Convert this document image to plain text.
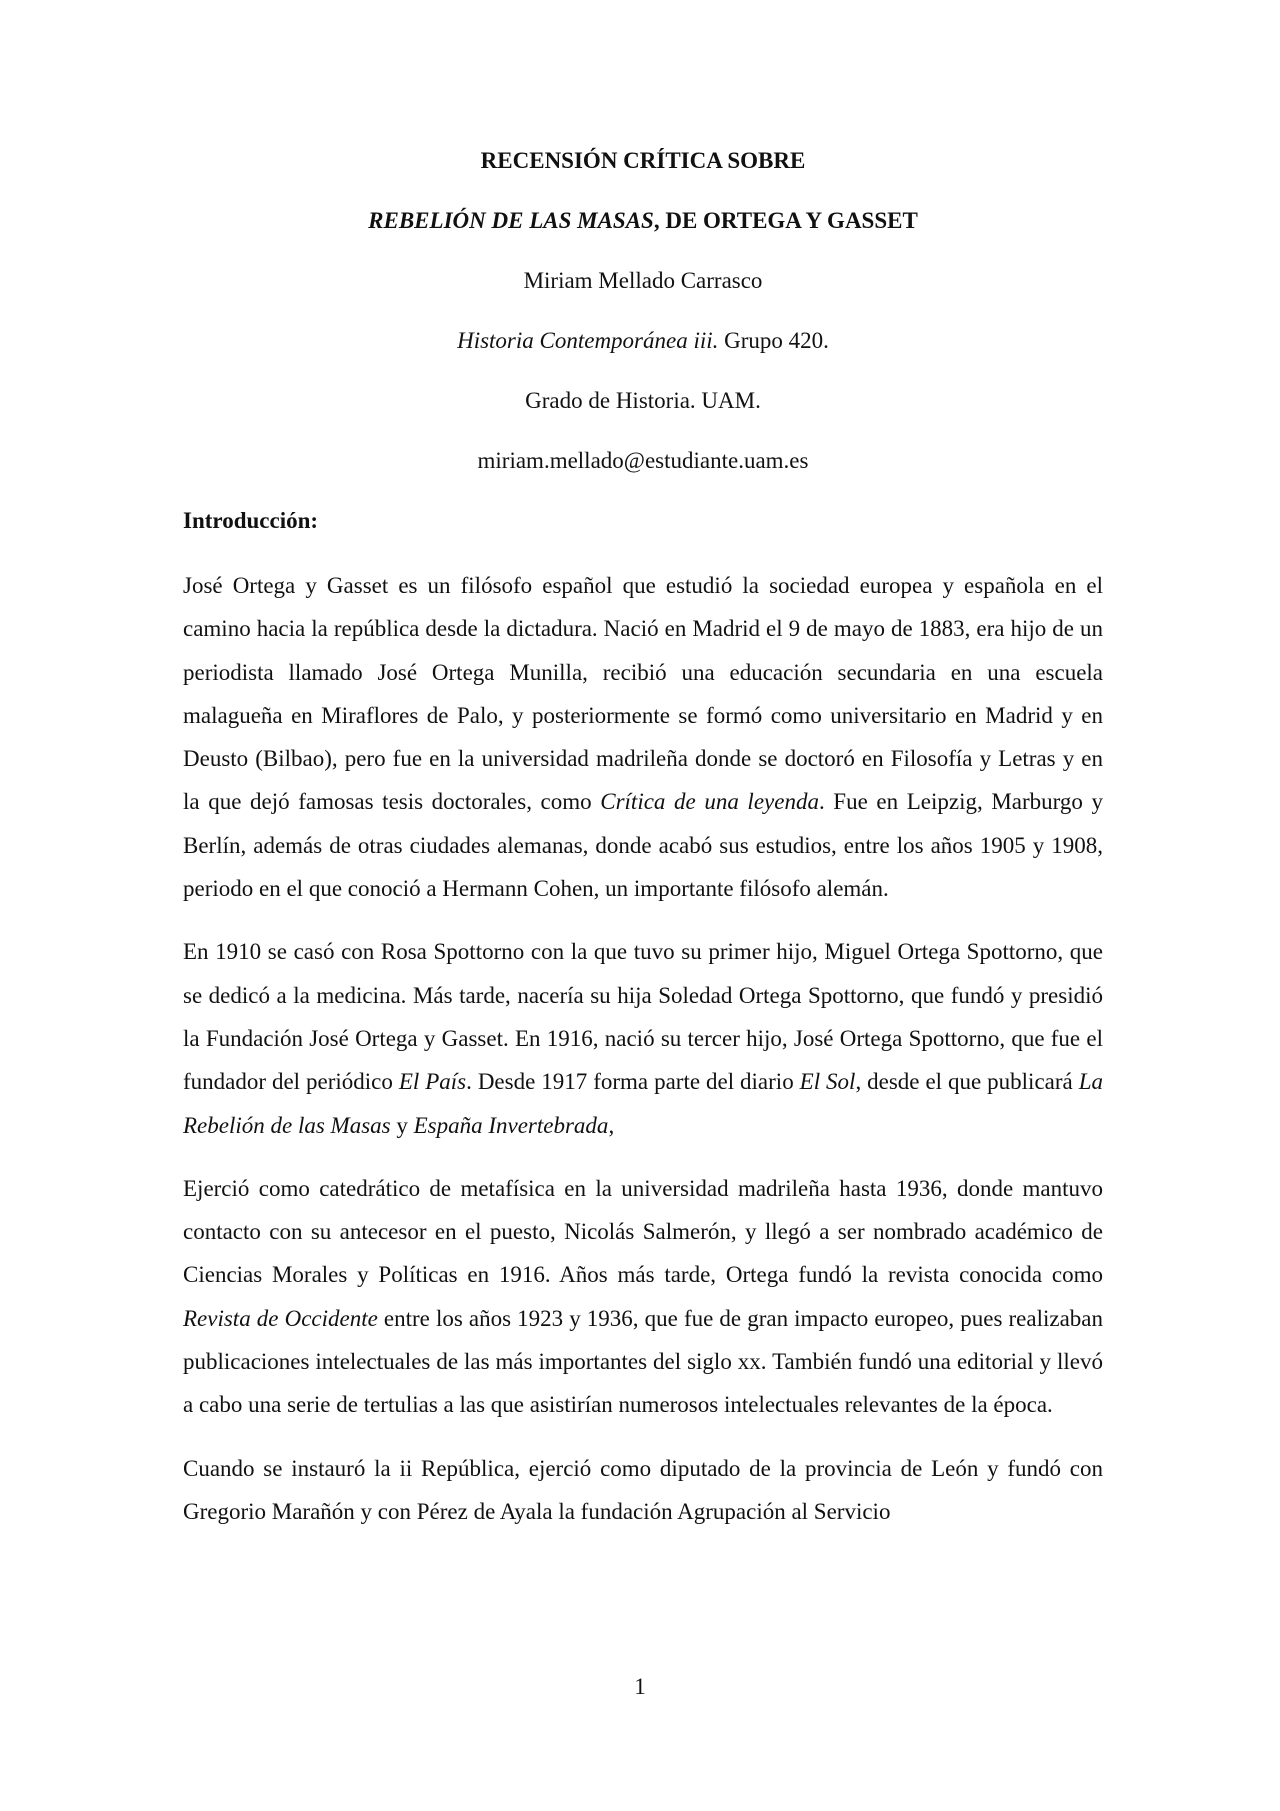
RECENSIÓN CRÍTICA SOBRE

REBELIÓN DE LAS MASAS, DE ORTEGA Y GASSET

Miriam Mellado Carrasco

Historia Contemporánea iii. Grupo 420.

Grado de Historia. UAM.

miriam.mellado@estudiante.uam.es

Introducción:

José Ortega y Gasset es un filósofo español que estudió la sociedad europea y española en el camino hacia la república desde la dictadura. Nació en Madrid el 9 de mayo de 1883, era hijo de un periodista llamado José Ortega Munilla, recibió una educación secundaria en una escuela malagueña en Miraflores de Palo, y posteriormente se formó como universitario en Madrid y en Deusto (Bilbao), pero fue en la universidad madrileña donde se doctoró en Filosofía y Letras y en la que dejó famosas tesis doctorales, como Crítica de una leyenda. Fue en Leipzig, Marburgo y Berlín, además de otras ciudades alemanas, donde acabó sus estudios, entre los años 1905 y 1908, periodo en el que conoció a Hermann Cohen, un importante filósofo alemán.

En 1910 se casó con Rosa Spottorno con la que tuvo su primer hijo, Miguel Ortega Spottorno, que se dedicó a la medicina. Más tarde, nacería su hija Soledad Ortega Spottorno, que fundó y presidió la Fundación José Ortega y Gasset. En 1916, nació su tercer hijo, José Ortega Spottorno, que fue el fundador del periódico El País. Desde 1917 forma parte del diario El Sol, desde el que publicará La Rebelión de las Masas y España Invertebrada,

Ejerció como catedrático de metafísica en la universidad madrileña hasta 1936, donde mantuvo contacto con su antecesor en el puesto, Nicolás Salmerón, y llegó a ser nombrado académico de Ciencias Morales y Políticas en 1916. Años más tarde, Ortega fundó la revista conocida como Revista de Occidente entre los años 1923 y 1936, que fue de gran impacto europeo, pues realizaban publicaciones intelectuales de las más importantes del siglo xx. También fundó una editorial y llevó a cabo una serie de tertulias a las que asistirían numerosos intelectuales relevantes de la época.

Cuando se instauró la ii República, ejerció como diputado de la provincia de León y fundó con Gregorio Marañón y con Pérez de Ayala la fundación Agrupación al Servicio

1
